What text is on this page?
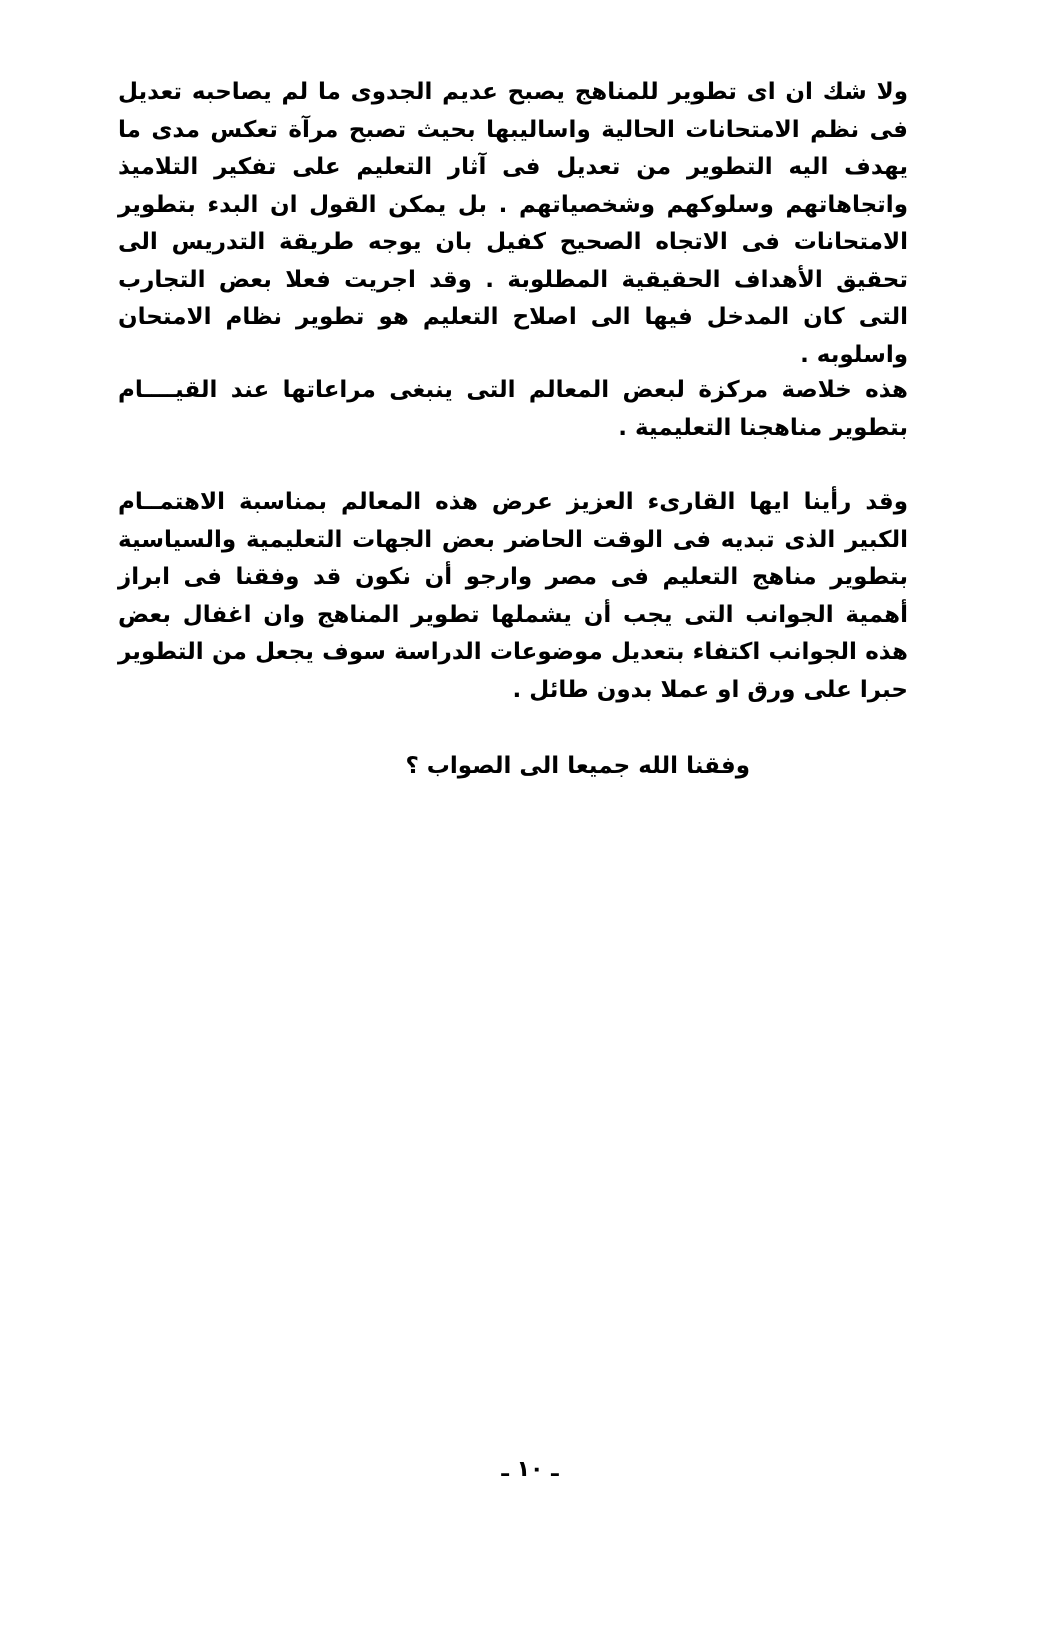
ولا شك ان اى تطوير للمناهج يصبح عديم الجدوى ما لم يصاحبه تعديل فى نظم الامتحانات الحالية واساليبها بحيث تصبح مرآة تعكس مدى ما يهدف اليه التطوير من تعديل فى آثار التعليم على تفكير التلاميذ واتجاهاتهم وسلوكهم وشخصياتهم . بل يمكن القول ان البدء بتطوير الامتحانات فى الاتجاه الصحيح كفيل بان يوجه طريقة التدريس الى تحقيق الأهداف الحقيقية المطلوبة . وقد اجريت فعلا بعض التجارب التى كان المدخل فيها الى اصلاح التعليم هو تطوير نظام الامتحان واسلوبه .

هذه خلاصة مركزة لبعض المعالم التى ينبغى مراعاتها عند القيــــام بتطوير مناهجنا التعليمية .

وقد رأينا ايها القارىء العزيز عرض هذه المعالم بمناسبة الاهتمــام الكبير الذى تبديه فى الوقت الحاضر بعض الجهات التعليمية والسياسية بتطوير مناهج التعليم فى مصر وارجو أن نكون قد وفقنا فى ابراز أهمية الجوانب التى يجب أن يشملها تطوير المناهج وان اغفال بعض هذه الجوانب اكتفاء بتعديل موضوعات الدراسة سوف يجعل من التطوير حبرا على ورق او عملا بدون طائل .

وفقنا الله جميعا الى الصواب ؟
ـ ١٠ ـ
